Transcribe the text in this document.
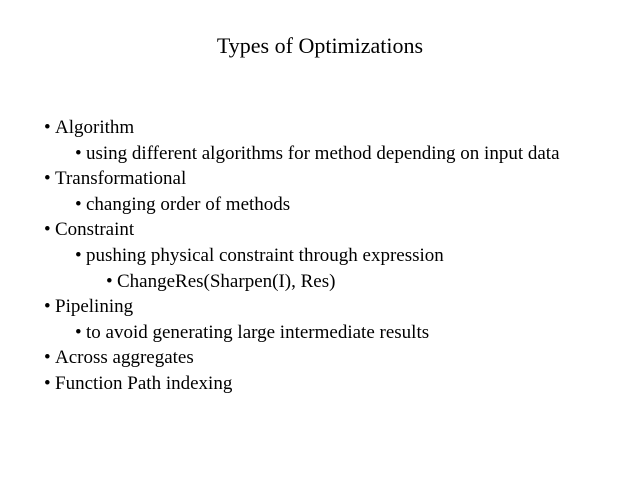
Types of Optimizations
• Algorithm
• using different algorithms for method depending on input data
• Transformational
• changing order of methods
• Constraint
• pushing physical constraint through expression
• ChangeRes(Sharpen(I), Res)
• Pipelining
• to avoid generating large intermediate results
• Across aggregates
• Function Path indexing
